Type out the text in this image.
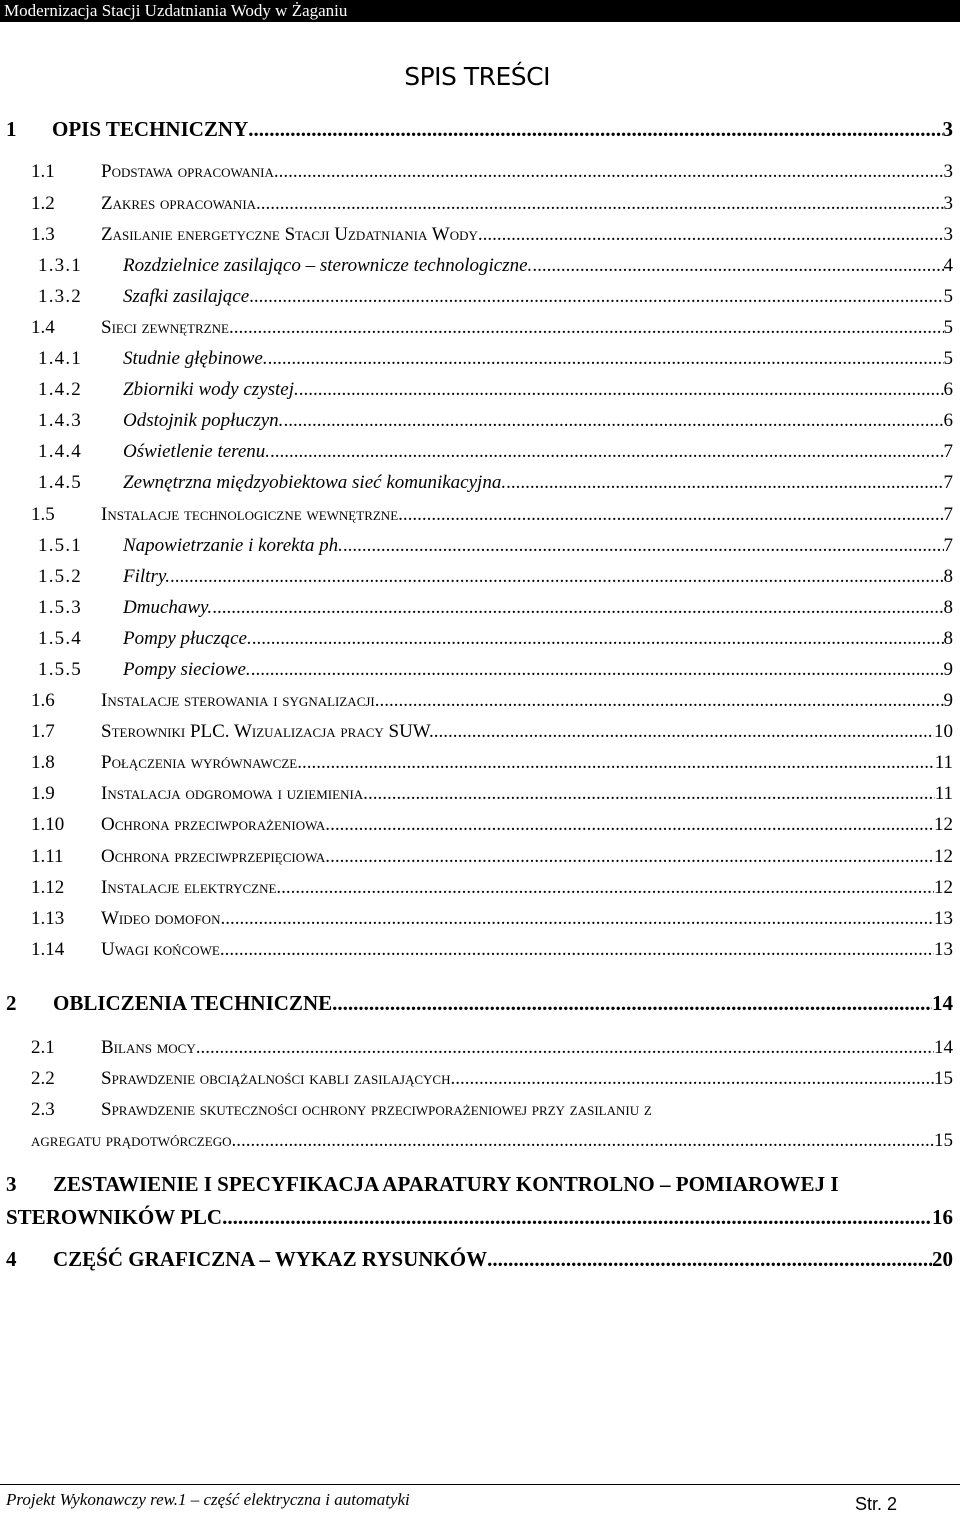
Modernizacja Stacji Uzdatniania Wody w Żaganiu
SPIS TREŚCI
1	OPIS TECHNICZNY .....	3
1.1	Podstawa opracowania. .....	3
1.2	Zakres opracowania. .....	3
1.3	Zasilanie energetyczne Stacji Uzdatniania Wody. .....	3
1.3.1	Rozdzielnice zasilająco – sterownicze technologiczne. .....	4
1.3.2	Szafki zasilające .....	5
1.4	Sieci zewnętrzne. .....	5
1.4.1	Studnie głębinowe. .....	5
1.4.2	Zbiorniki wody czystej. .....	6
1.4.3	Odstojnik popłuczyn. .....	6
1.4.4	Oświetlenie terenu. .....	7
1.4.5	Zewnętrzna międzyobiektowa sieć komunikacyjna. .....	7
1.5	Instalacje technologiczne wewnętrzne. .....	7
1.5.1	Napowietrzanie i korekta ph. .....	7
1.5.2	Filtry. .....	8
1.5.3	Dmuchawy. .....	8
1.5.4	Pompy płuczące. .....	8
1.5.5	Pompy sieciowe. .....	9
1.6	Instalacje sterowania i sygnalizacji .....	9
1.7	Sterowniki PLC. Wizualizacja pracy SUW. .....	10
1.8	Połączenia wyrównawcze. .....	11
1.9	Instalacja odgromowa i uziemienia. .....	11
1.10	Ochrona przeciwporażeniowa. .....	12
1.11	Ochrona przeciwprzepięciowa. .....	12
1.12	Instalacje elektryczne. .....	12
1.13	Wideo domofon .....	13
1.14	Uwagi końcowe. .....	13
2	OBLICZENIA TECHNICZNE .....	14
2.1	Bilans mocy .....	14
2.2	Sprawdzenie obciążalności kabli zasilających .....	15
2.3 Sprawdzenie skuteczności ochrony przeciwporażeniowej przy zasilaniu z
agregatu prądotwórczego. .....	15
3 ZESTAWIENIE I SPECYFIKACJA APARATURY KONTROLNO – POMIAROWEJ I
STEROWNIKÓW PLC. .....	16
4	CZĘŚĆ GRAFICZNA – WYKAZ RYSUNKÓW .....	20
Projekt Wykonawczy rew.1 – część elektryczna i automatyki	Str. 2
